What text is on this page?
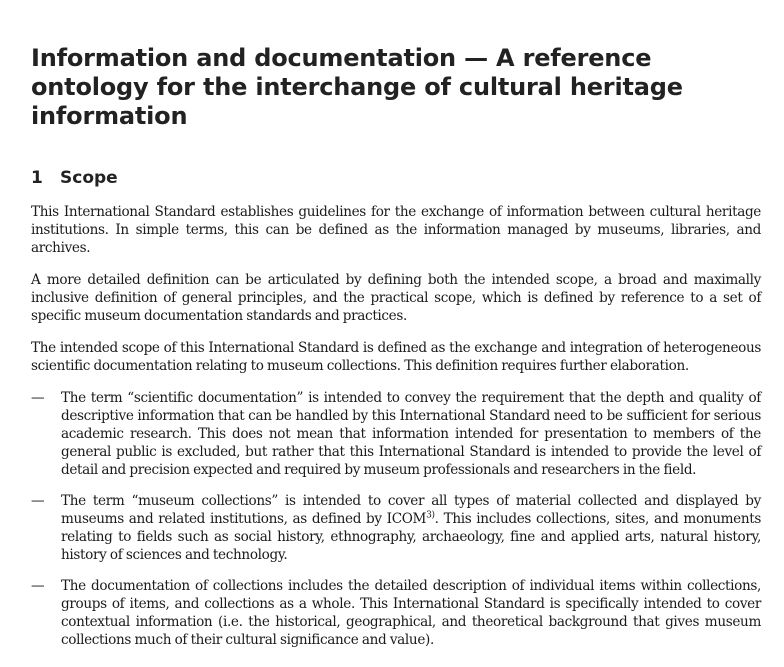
Information and documentation — A reference ontology for the interchange of cultural heritage information
1 Scope

This International Standard establishes guidelines for the exchange of information between cultural heritage institutions. In simple terms, this can be defined as the information managed by museums, libraries, and archives.

A more detailed definition can be articulated by defining both the intended scope, a broad and maximally inclusive definition of general principles, and the practical scope, which is defined by reference to a set of specific museum documentation standards and practices.

The intended scope of this International Standard is defined as the exchange and integration of heterogeneous scientific documentation relating to museum collections. This definition requires further elaboration.

— The term “scientific documentation” is intended to convey the requirement that the depth and quality of descriptive information that can be handled by this International Standard need to be sufficient for serious academic research. This does not mean that information intended for presentation to members of the general public is excluded, but rather that this International Standard is intended to provide the level of detail and precision expected and required by museum professionals and researchers in the field.
— The term “museum collections” is intended to cover all types of material collected and displayed by museums and related institutions, as defined by ICOM$^{3)}$. This includes collections, sites, and monuments relating to fields such as social history, ethnography, archaeology, fine and applied arts, natural history, history of sciences and technology.
— The documentation of collections includes the detailed description of individual items within collections, groups of items, and collections as a whole. This International Standard is specifically intended to cover contextual information (i.e. the historical, geographical, and theoretical background that gives museum collections much of their cultural significance and value).
